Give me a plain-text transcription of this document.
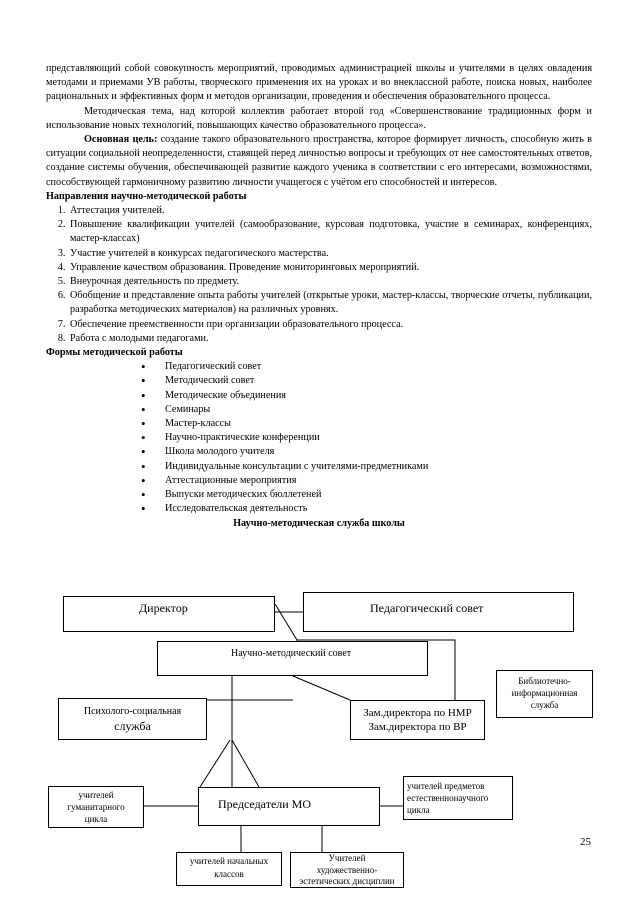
представляющий собой совокупность мероприятий, проводимых администрацией школы и учителями в целях овладения методами и приемами УВ работы, творческого применения их на уроках и во внеклассной работе, поиска новых, наиболее рациональных и эффективных форм и методов организации, проведения и обеспечения образовательного процесса.

Методическая тема, над которой коллектив работает второй год «Совершенствование традиционных форм и использование новых технологий, повышающих качество образовательного процесса».

Основная цель: создание такого образовательного пространства, которое формирует личность, способную жить в ситуации социальной неопределенности, ставящей перед личностью вопросы и требующих от нее самостоятельных ответов, создание системы обучения, обеспечивающей развитие каждого ученика в соответствии с его интересами, возможностями, способствующей гармоничному развитию личности учащегося с учётом его способностей и интересов.

Направления научно-методической работы

1. Аттестация учителей.
2. Повышение квалификации учителей (самообразование, курсовая подготовка, участие в семинарах, конференциях, мастер-классах)
3. Участие учителей в конкурсах педагогического мастерства.
4. Управление качеством образования. Проведение мониторинговых мероприятий.
5. Внеурочная деятельность по предмету.
6. Обобщение и представление опыта работы учителей (открытые уроки, мастер-классы, творческие отчеты, публикации, разработка методических материалов) на различных уровнях.
7. Обеспечение преемственности при организации образовательного процесса.
8. Работа с молодыми педагогами.

Формы методической работы

• Педагогический совет
• Методический совет
• Методические объединения
• Семинары
• Мастер-классы
• Научно-практические конференции
• Школа молодого учителя
• Индивидуальные консультации с учителями-предметниками
• Аттестационные мероприятия
• Выпуски методических бюллетеней
• Исследовательская деятельность

Научно-методическая служба школы

Директор	Педагогический совет
Научно-методический совет
Библиотечно-
информационная
служба
Психолого-социальная
служба
Зам.директора по НМР
Зам.директора по ВР
учителей
гуманитарного
цикла
Председатели МО
учителей предметов
естественнонаучного
цикла
учителей начальных
классов
Учителей
художественно-
эстетических дисциплин
25
